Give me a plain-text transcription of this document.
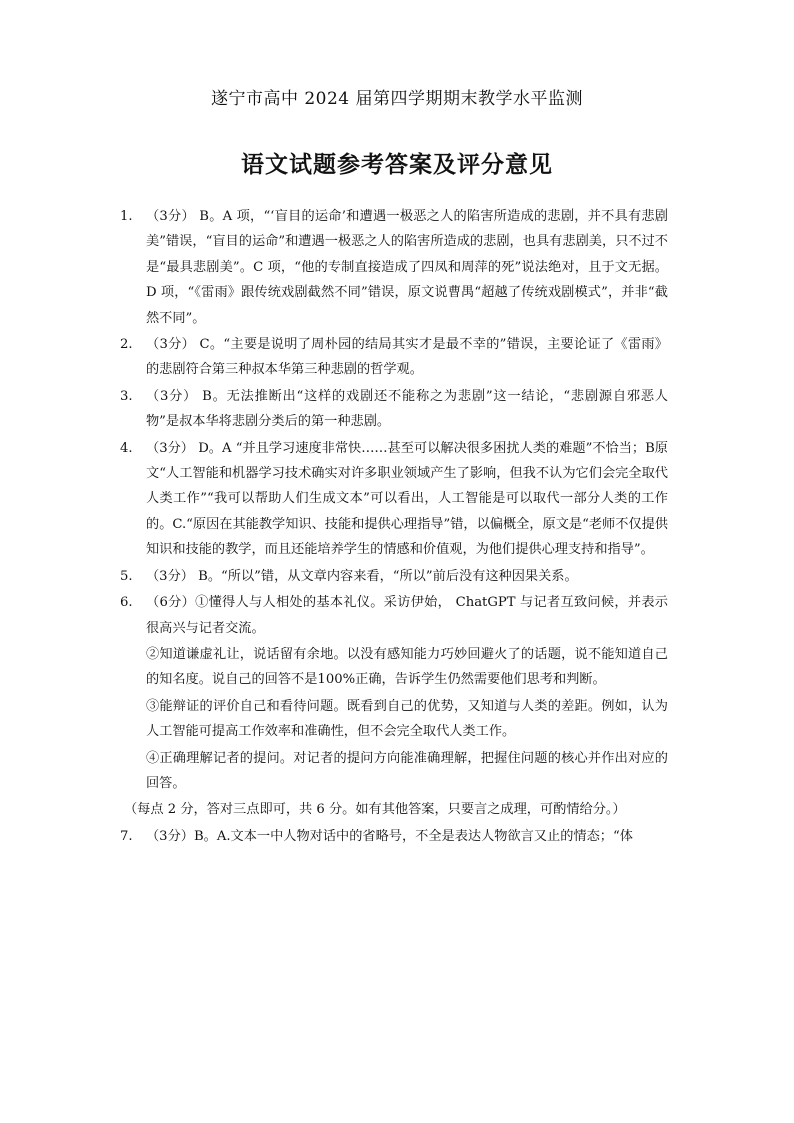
遂宁市高中 2024 届第四学期期末教学水平监测
语文试题参考答案及评分意见
1. （3分） B。A 项，“‘盲目的运命’和遭遇一极恶之人的陷害所造成的悲剧，并不具有悲剧美”错误，“盲目的运命”和遭遇一极恶之人的陷害所造成的悲剧，也具有悲剧美，只不过不是“最具悲剧美”。C 项，“他的专制直接造成了四凤和周萍的死”说法绝对，且于文无据。D 项，“《雷雨》跟传统戏剧截然不同”错误，原文说曹禺“超越了传统戏剧模式”，并非“截然不同”。
2. （3分） C。“主要是说明了周朴园的结局其实才是最不幸的”错误，主要论证了《雷雨》的悲剧符合第三种叔本华第三种悲剧的哲学观。
3. （3分） B。无法推断出“这样的戏剧还不能称之为悲剧”这一结论，“悲剧源自邪恶人物”是叔本华将悲剧分类后的第一种悲剧。
4. （3分） D。A “并且学习速度非常快……甚至可以解决很多困扰人类的难题”不恰当；B原文“人工智能和机器学习技术确实对许多职业领域产生了影响，但我不认为它们会完全取代人类工作”“我可以帮助人们生成文本”可以看出，人工智能是可以取代一部分人类的工作的。C.“原因在其能教学知识、技能和提供心理指导”错，以偏概全，原文是“老师不仅提供知识和技能的教学，而且还能培养学生的情感和价值观，为他们提供心理支持和指导”。
5. （3分） B。“所以”错，从文章内容来看，“所以”前后没有这种因果关系。
6. （6分）①懂得人与人相处的基本礼仪。采访伊始， ChatGPT 与记者互致问候，并表示很高兴与记者交流。
②知道谦虚礼让，说话留有余地。以没有感知能力巧妙回避火了的话题，说不能知道自己的知名度。说自己的回答不是100%正确，告诉学生仍然需要他们思考和判断。
③能辩证的评价自己和看待问题。既看到自己的优势，又知道与人类的差距。例如，认为人工智能可提高工作效率和准确性，但不会完全取代人类工作。
④正确理解记者的提问。对记者的提问方向能准确理解，把握住问题的核心并作出对应的回答。
（每点 2 分，答对三点即可，共 6 分。如有其他答案，只要言之成理，可酌情给分。）
7. （3分）B。A.文本一中人物对话中的省略号，不全是表达人物欲言又止的情态；“体
